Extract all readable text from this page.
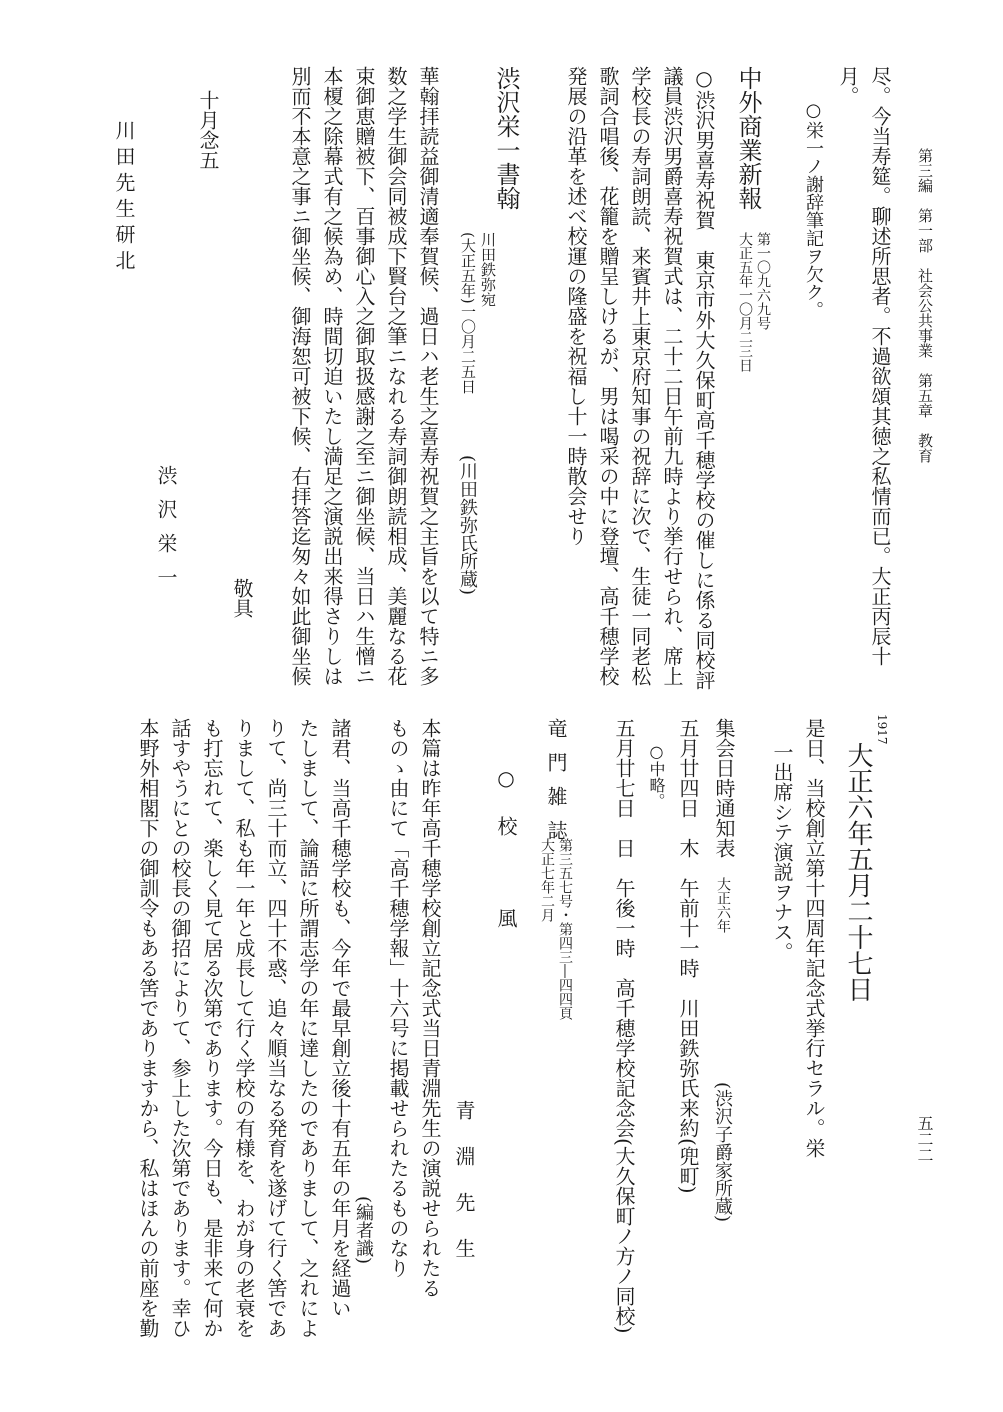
第三編　第一部　社会公共事業　第五章　教育
五二二
尽。今当寿筵。聊述所思者。不過欲頌其徳之私情而已。大正丙辰十
月。
○栄一ノ謝辞筆記ヲ欠ク。
中外商業新報
第一〇九六九号
大正五年一〇月二三日
○渋沢男喜寿祝賀　東京市外大久保町高千穂学校の催しに係る同校評
議員渋沢男爵喜寿祝賀式は、二十二日午前九時より挙行せられ、席上
学校長の寿詞朗読、来賓井上東京府知事の祝辞に次で、生徒一同老松
歌詞合唱後、花籠を贈呈しけるが、男は喝采の中に登壇、高千穂学校
発展の沿革を述べ校運の隆盛を祝福し十一時散会せり
渋沢栄一書翰
川田鉄弥宛
(大正五年)一〇月二五日
(川田鉄弥氏所蔵)
華翰拝読益御清適奉賀候、過日ハ老生之喜寿祝賀之主旨を以て特ニ多
数之学生御会同被成下賢台之筆ニなれる寿詞御朗読相成、美麗なる花
束御恵贈被下、百事御心入之御取扱感謝之至ニ御坐候、当日ハ生憎ニ
本榎之除幕式有之候為め、時間切迫いたし満足之演説出来得さりしは
別而不本意之事ニ御坐候、御海恕可被下候、右拝答迄匆々如此御坐候
敬具
十月念五
渋沢栄一
川田先生研北
1917
大正六年五月二十七日
是日、当校創立第十四周年記念式挙行セラル。栄
一出席シテ演説ヲナス。
集会日時通知表
大正六年
(渋沢子爵家所蔵)
五月廿四日　木　午前十一時　川田鉄弥氏来約(兜町)
○中略。
五月廿七日　日　午後一時　高千穂学校記念会(大久保町ノ方ノ同校)
竜門雑誌
第三五七号・第四三―四四頁
大正七年二月
○校　風
青淵先生
本篇は昨年高千穂学校創立記念式当日青淵先生の演説せられたる
ものゝ由にて「高千穂学報」十六号に掲載せられたるものなり
(編者識)
諸君、当高千穂学校も、今年で最早創立後十有五年の年月を経過い
たしまして、論語に所謂志学の年に達したのでありまして、之れによ
りて、尚三十而立、四十不惑、追々順当なる発育を遂げて行く筈であ
りまして、私も年一年と成長して行く学校の有様を、わが身の老衰を
も打忘れて、楽しく見て居る次第であります。今日も、是非来て何か
話すやうにとの校長の御招によりて、参上した次第であります。幸ひ
本野外相閣下の御訓令もある筈でありますから、私はほんの前座を勤
